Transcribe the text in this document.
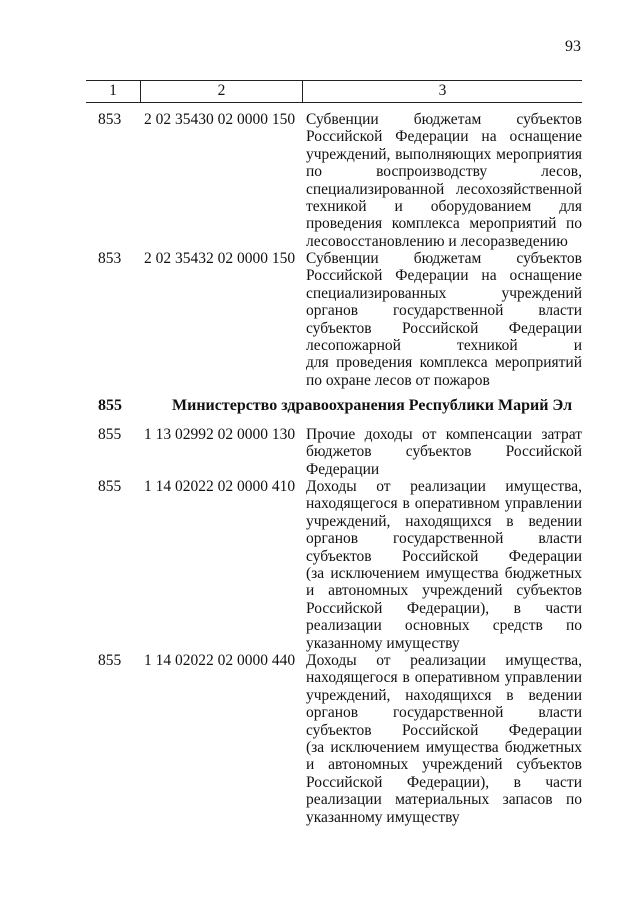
93
1	2	3
853	2 02 35430 02 0000 150 Субвенции бюджетам субъектов
Российской Федерации на оснащение
учреждений, выполняющих мероприятия
по воспроизводству лесов,
специализированной лесохозяйственной
техникой и оборудованием для
проведения комплекса мероприятий по
лесовосстановлению и лесоразведению
853	2 02 35432 02 0000 150 Субвенции бюджетам субъектов
Российской Федерации на оснащение
специализированных учреждений
органов государственной власти
субъектов Российской Федерации
лесопожарной техникой и
для проведения комплекса мероприятий
по охране лесов от пожаров
855	Министерство здравоохранения Республики Марий Эл
855	1 13 02992 02 0000 130 Прочие доходы от компенсации затрат
бюджетов субъектов Российской
Федерации
855	1 14 02022 02 0000 410 Доходы от реализации имущества,
находящегося в оперативном управлении
учреждений, находящихся в ведении
органов государственной власти
субъектов Российской Федерации
(за исключением имущества бюджетных
и автономных учреждений субъектов
Российской Федерации), в части
реализации основных средств по
указанному имуществу
855	1 14 02022 02 0000 440 Доходы от реализации имущества,
находящегося в оперативном управлении
учреждений, находящихся в ведении
органов государственной власти
субъектов Российской Федерации
(за исключением имущества бюджетных
и автономных учреждений субъектов
Российской Федерации), в части
реализации материальных запасов по
указанному имуществу
